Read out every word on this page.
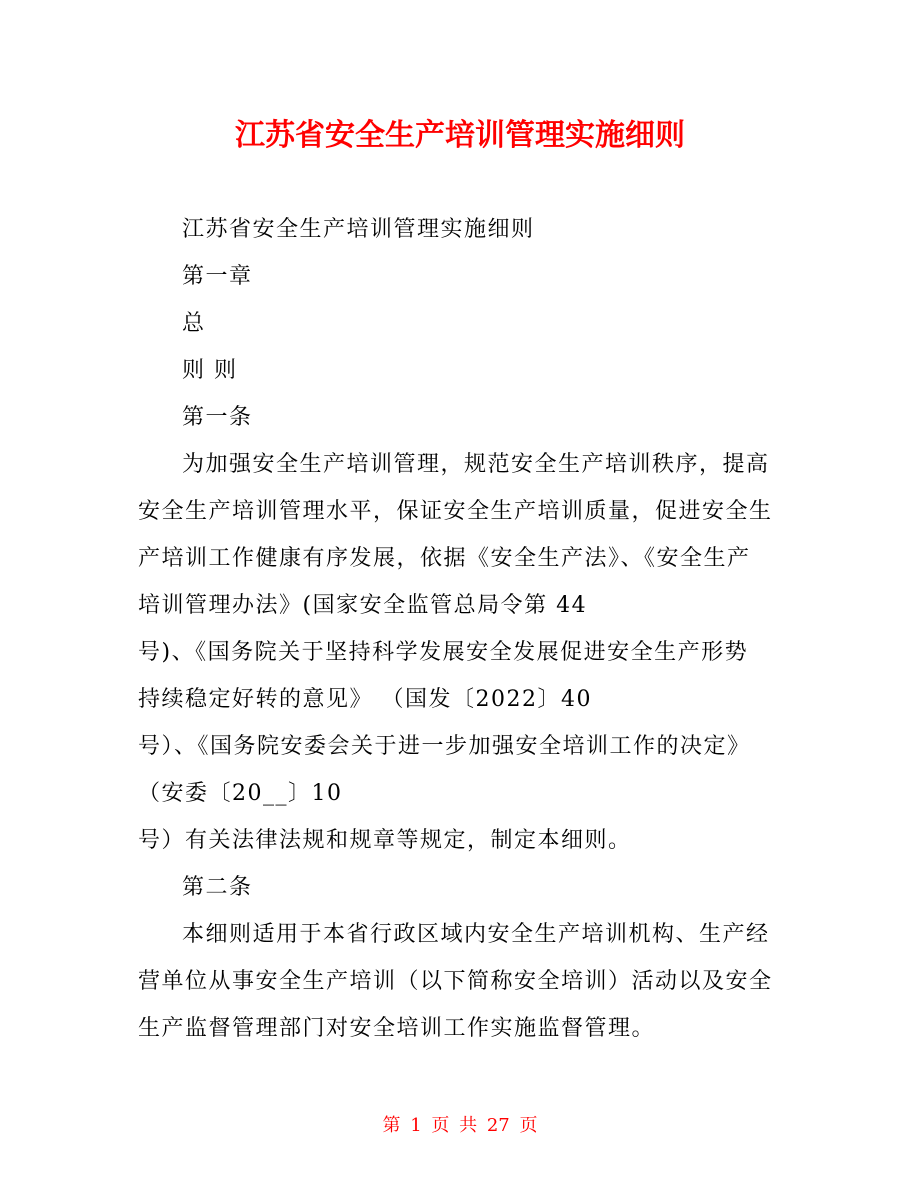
江苏省安全生产培训管理实施细则
江苏省安全生产培训管理实施细则
第一章
总
则 则
第一条
为加强安全生产培训管理，规范安全生产培训秩序，提高
安全生产培训管理水平，保证安全生产培训质量，促进安全生
产培训工作健康有序发展，依据《安全生产法》、《安全生产
培训管理办法》(国家安全监管总局令第 44
号)、《国务院关于坚持科学发展安全发展促进安全生产形势
持续稳定好转的意见》 （国发〔2022〕40
号）、《国务院安委会关于进一步加强安全培训工作的决定》
（安委〔20__〕10
号）有关法律法规和规章等规定，制定本细则。
第二条
本细则适用于本省行政区域内安全生产培训机构、生产经
营单位从事安全生产培训（以下简称安全培训）活动以及安全
生产监督管理部门对安全培训工作实施监督管理。
第 1 页 共 27 页
